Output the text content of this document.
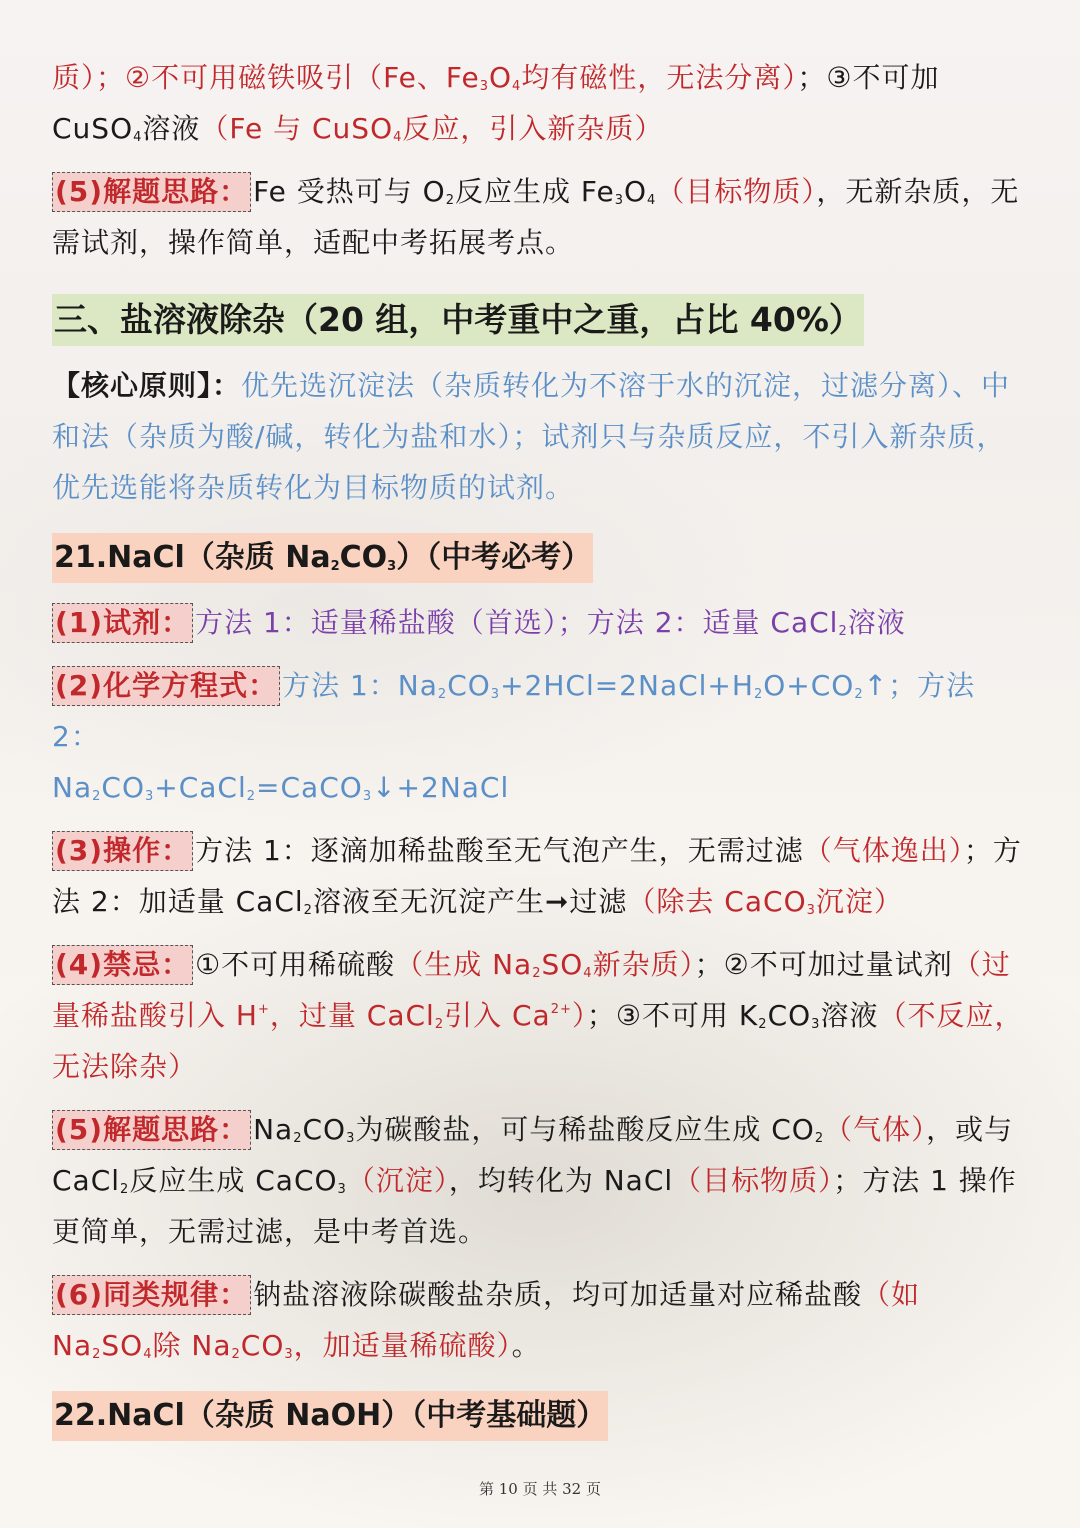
质）；②不可用磁铁吸引（Fe、$Fe_3O_4$均有磁性，无法分离）；③不可加 CuSO$_4$溶液（Fe 与 CuSO$_4$反应，引入新杂质）

(5)解题思路： Fe 受热可与 $O_2$反应生成 $Fe_3O_4$（目标物质），无新杂质，无需试剂，操作简单，适配中考拓展考点。

三、盐溶液除杂（20 组，中考重中之重，占比 40%）

【核心原则】：优先选沉淀法（杂质转化为不溶于水的沉淀，过滤分离）、中和法（杂质为酸/碱，转化为盐和水）；试剂只与杂质反应，不引入新杂质，优先选能将杂质转化为目标物质的试剂。

21.NaCl（杂质 $Na_2CO_3$）（中考必考）

(1)试剂： 方法 1：适量稀盐酸（首选）；方法 2：适量 CaCl$_2$溶液

(2)化学方程式： 方法 1：$Na_2CO_3+2HCl=2NaCl+H_2O+CO_2↑$；方法 2：
$Na_2CO_3+CaCl_2=CaCO_3↓+2NaCl$

(3)操作： 方法 1：逐滴加稀盐酸至无气泡产生，无需过滤（气体逸出）；方法 2：加适量 CaCl$_2$溶液至无沉淀产生➞过滤（除去 CaCO$_3$沉淀）

(4)禁忌： ①不可用稀硫酸（生成 $Na_2SO_4$新杂质）；②不可加过量试剂（过量稀盐酸引入 H+，过量 CaCl$_2$引入 $Ca^{2+}$）；③不可用 $K_2CO_3$溶液（不反应，无法除杂）

(5)解题思路： $Na_2CO_3$为碳酸盐，可与稀盐酸反应生成 $CO_2$（气体），或与 CaCl$_2$反应生成 CaCO$_3$（沉淀），均转化为 NaCl（目标物质）；方法 1 操作更简单，无需过滤，是中考首选。

(6)同类规律： 钠盐溶液除碳酸盐杂质，均可加适量对应稀盐酸（如 $Na_2SO_4$除 $Na_2CO_3$，加适量稀硫酸）。

22.NaCl（杂质 NaOH）（中考基础题）
第 10 页 共 32 页
